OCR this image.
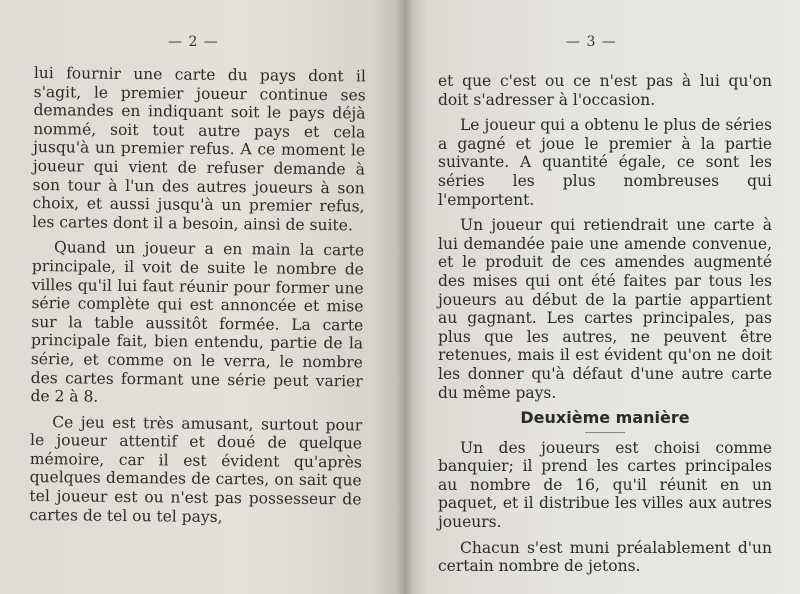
— 2 —

lui fournir une carte du pays dont il s'agit, le premier joueur continue ses demandes en indiquant soit le pays déjà nommé, soit tout autre pays et cela jusqu'à un premier refus. A ce moment le joueur qui vient de refuser demande à son tour à l'un des autres joueurs à son choix, et aussi jusqu'à un premier refus, les cartes dont il a besoin, ainsi de suite.

Quand un joueur a en main la carte principale, il voit de suite le nombre de villes qu'il lui faut réunir pour former une série complète qui est annoncée et mise sur la table aussitôt formée. La carte principale fait, bien entendu, partie de la série, et comme on le verra, le nombre des cartes formant une série peut varier de 2 à 8.

Ce jeu est très amusant, surtout pour le joueur attentif et doué de quelque mémoire, car il est évident qu'après quelques demandes de cartes, on sait que tel joueur est ou n'est pas possesseur de cartes de tel ou tel pays,

— 3 —

et que c'est ou ce n'est pas à lui qu'on doit s'adresser à l'occasion.

Le joueur qui a obtenu le plus de séries a gagné et joue le premier à la partie suivante. A quantité égale, ce sont les séries les plus nombreuses qui l'emportent.

Un joueur qui retiendrait une carte à lui demandée paie une amende convenue, et le produit de ces amendes augmenté des mises qui ont été faites par tous les joueurs au début de la partie appartient au gagnant. Les cartes principales, pas plus que les autres, ne peuvent être retenues, mais il est évident qu'on ne doit les donner qu'à défaut d'une autre carte du même pays.

Deuxième manière

Un des joueurs est choisi comme banquier; il prend les cartes principales au nombre de 16, qu'il réunit en un paquet, et il distribue les villes aux autres joueurs.

Chacun s'est muni préalablement d'un certain nombre de jetons.
